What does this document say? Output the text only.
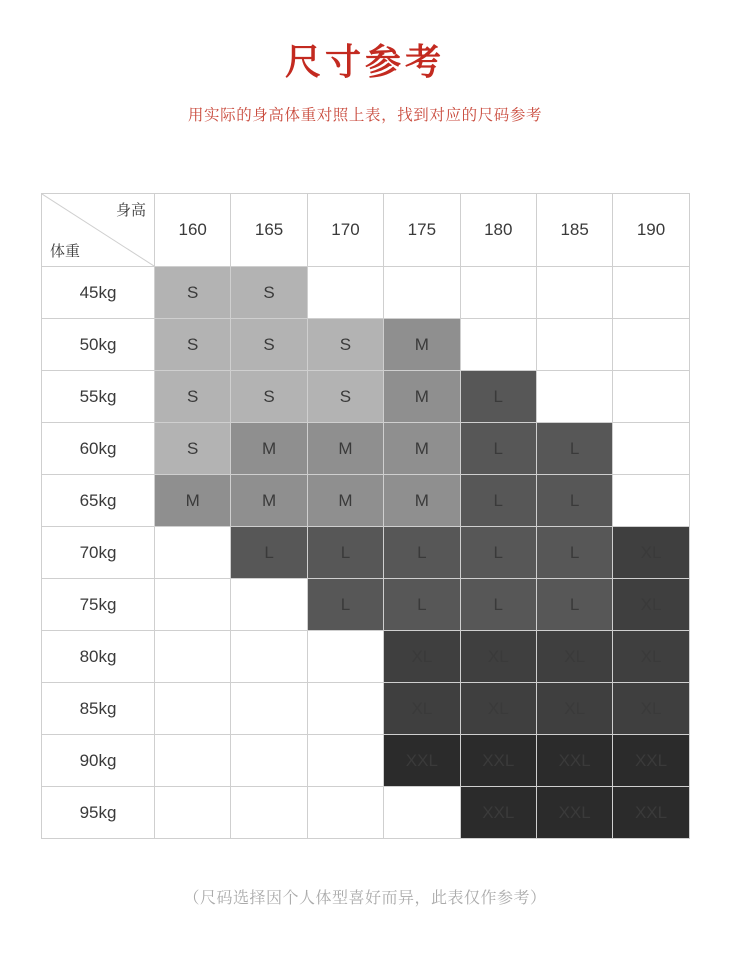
尺寸参考
用实际的身高体重对照上表，找到对应的尺码参考
身高
体重	160	165	170	175	180	185	190
45kg	S	S					
50kg	S	S	S	M			
55kg	S	S	S	M	L		
60kg	S	M	M	M	L	L	
65kg	M	M	M	M	L	L	
70kg		L	L	L	L	L	XL
75kg			L	L	L	L	XL
80kg				XL	XL	XL	XL
85kg				XL	XL	XL	XL
90kg				XXL	XXL	XXL	XXL
95kg					XXL	XXL	XXL
（尺码选择因个人体型喜好而异，此表仅作参考）
